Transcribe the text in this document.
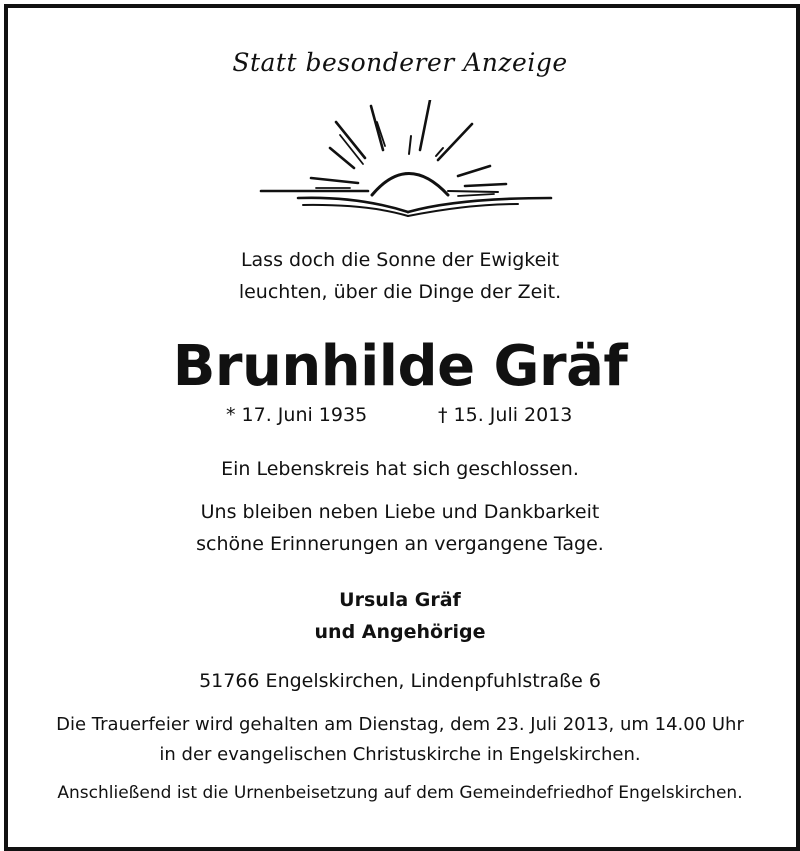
Statt besonderer Anzeige
Lass doch die Sonne der Ewigkeit
leuchten, über die Dinge der Zeit.
Brunhilde Gräf
* 17. Juni 1935	† 15. Juli 2013
Ein Lebenskreis hat sich geschlossen.
Uns bleiben neben Liebe und Dankbarkeit
schöne Erinnerungen an vergangene Tage.
Ursula Gräf
und Angehörige
51766 Engelskirchen, Lindenpfuhlstraße 6
Die Trauerfeier wird gehalten am Dienstag, dem 23. Juli 2013, um 14.00 Uhr
in der evangelischen Christuskirche in Engelskirchen.
Anschließend ist die Urnenbeisetzung auf dem Gemeindefriedhof Engelskirchen.
